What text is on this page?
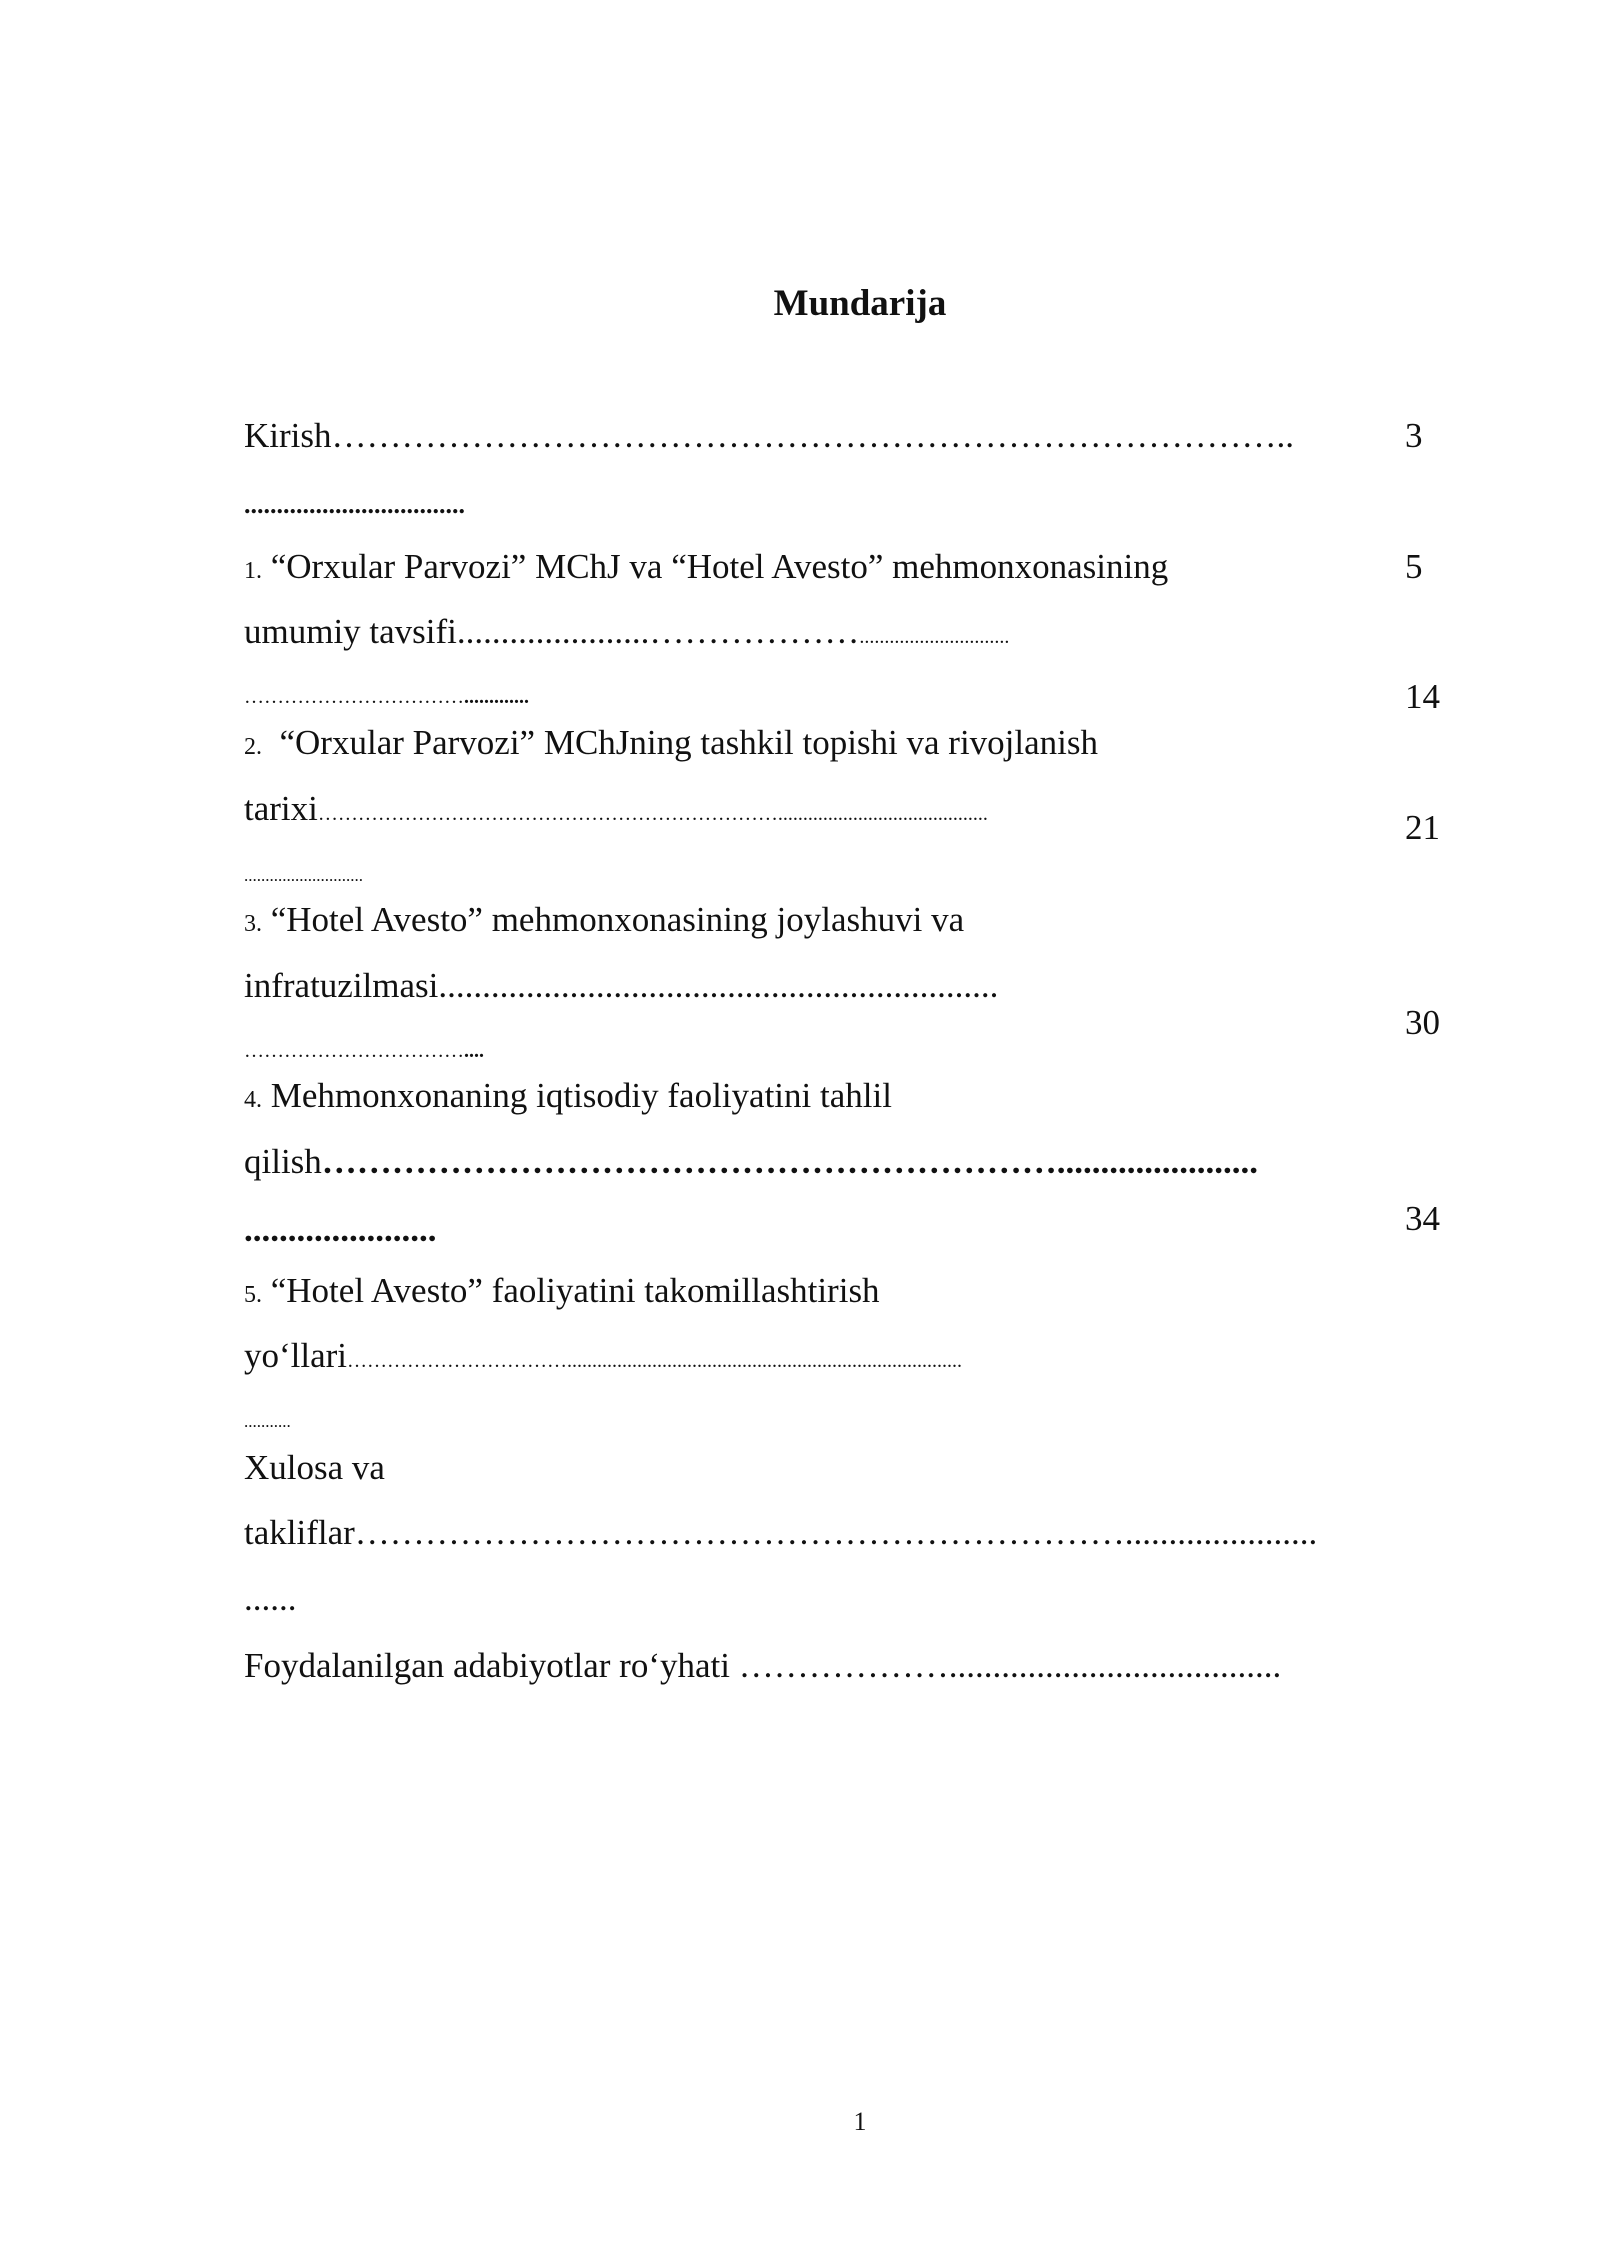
Mundarija
Kirish………………………………………………………………………..
..................................
1. “Orxular Parvozi” MChJ va “Hotel Avesto” mehmonxonasining
umumiy tavsifi......................………………..............................
…………………………….............
2. “Orxular Parvozi” MChJning tashkil topishi va rivojlanish
tarixi……………………………………………………………..........................................
............................
3. “Hotel Avesto” mehmonxonasining joylashuvi va
infratuzilmasi................................................................
……………………………....
4. Mehmonxonaning iqtisodiy faoliyatini tahlil
qilish……………………………………………………….......................
......................
5. “Hotel Avesto” faoliyatini takomillashtirish
yo‘llari……………………………...............................................................................
...........
Xulosa va
takliflar…………………………………………………………......................
......
Foydalanilgan adabiyotlar ro‘yhati ………………......................................
3
5
14
21
30
34
1
